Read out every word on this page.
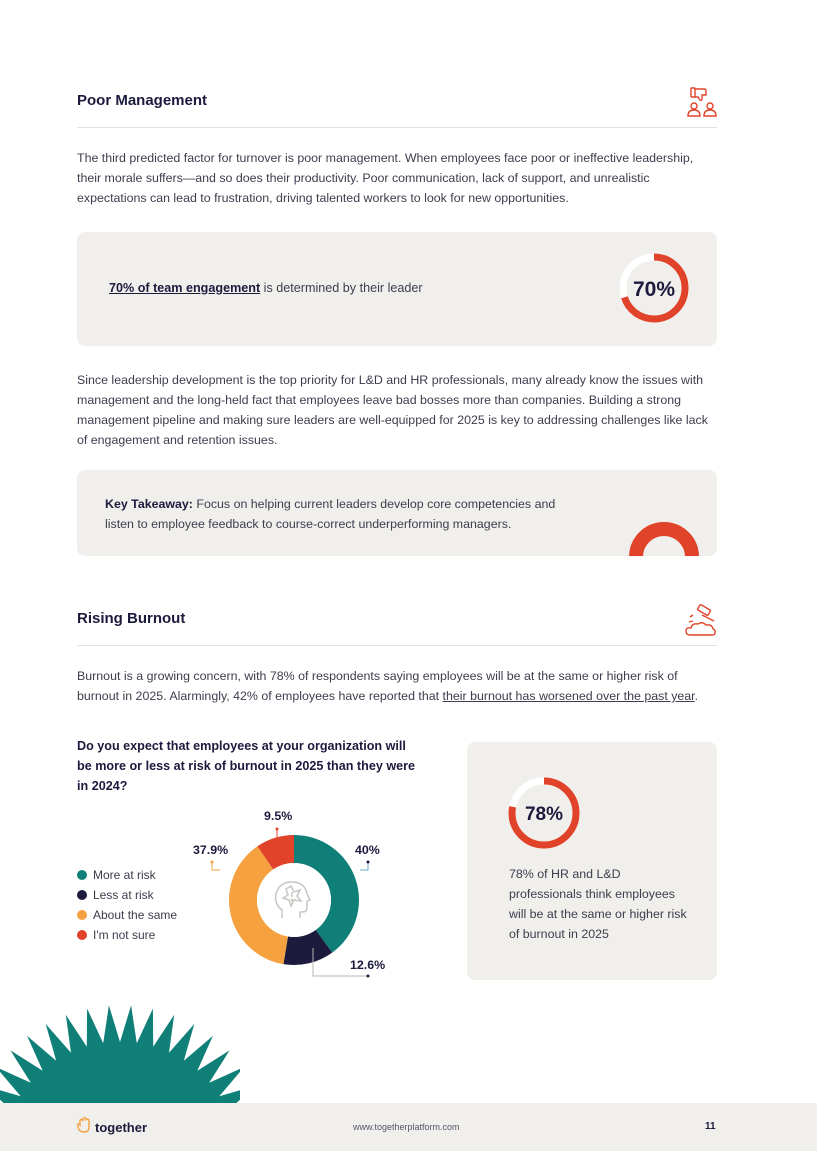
Poor Management
The third predicted factor for turnover is poor management. When employees face poor or ineffective leadership, their morale suffers—and so does their productivity. Poor communication, lack of support, and unrealistic expectations can lead to frustration, driving talented workers to look for new opportunities.
70% of team engagement is determined by their leader	70%
Since leadership development is the top priority for L&D and HR professionals, many already know the issues with management and the long-held fact that employees leave bad bosses more than companies. Building a strong management pipeline and making sure leaders are well-equipped for 2025 is key to addressing challenges like lack of engagement and retention issues.
Key Takeaway: Focus on helping current leaders develop core competencies and listen to employee feedback to course-correct underperforming managers.
Rising Burnout
Burnout is a growing concern, with 78% of respondents saying employees will be at the same or higher risk of burnout in 2025. Alarmingly, 42% of employees have reported that their burnout has worsened over the past year.
Do you expect that employees at your organization will be more or less at risk of burnout in 2025 than they were in 2024?
More at risk
Less at risk
About the same
I'm not sure
40%
12.6%
37.9%
9.5%	78%
78% of HR and L&D professionals think employees will be at the same or higher risk of burnout in 2025
together	www.togetherplatform.com	11
